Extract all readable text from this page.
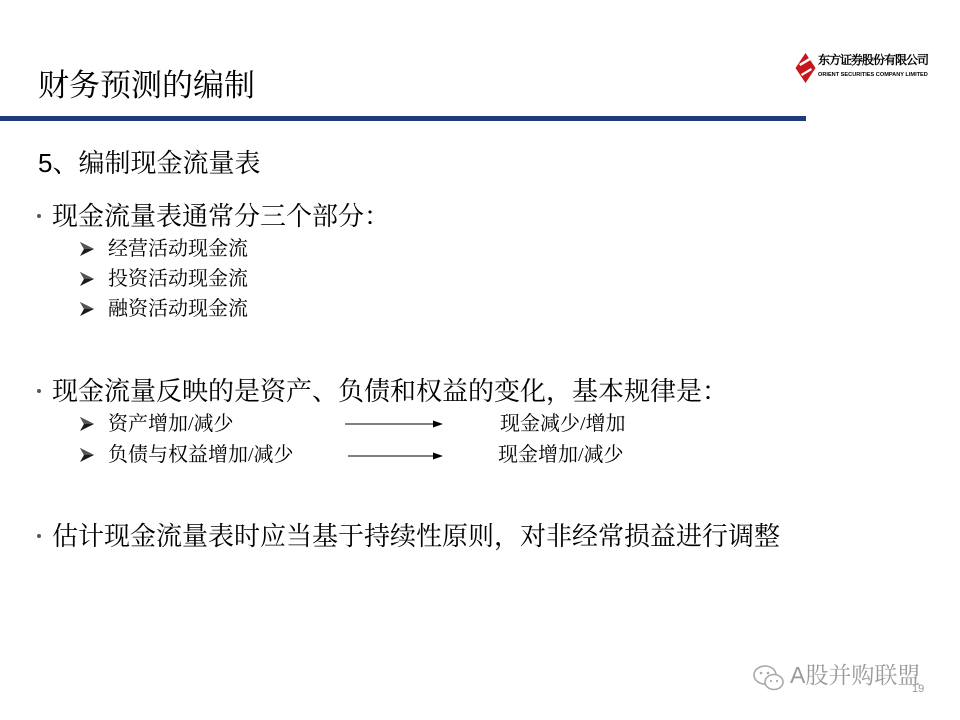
财务预测的编制
东方证券股份有限公司
ORIENT SECURITIES COMPANY LIMITED
5、编制现金流量表
现金流量表通常分三个部分：
经营活动现金流
投资活动现金流
融资活动现金流
现金流量反映的是资产、负债和权益的变化，基本规律是：
资产增加/减少	现金减少/增加
负债与权益增加/减少	现金增加/减少
估计现金流量表时应当基于持续性原则，对非经常损益进行调整
A股并购联盟
19
